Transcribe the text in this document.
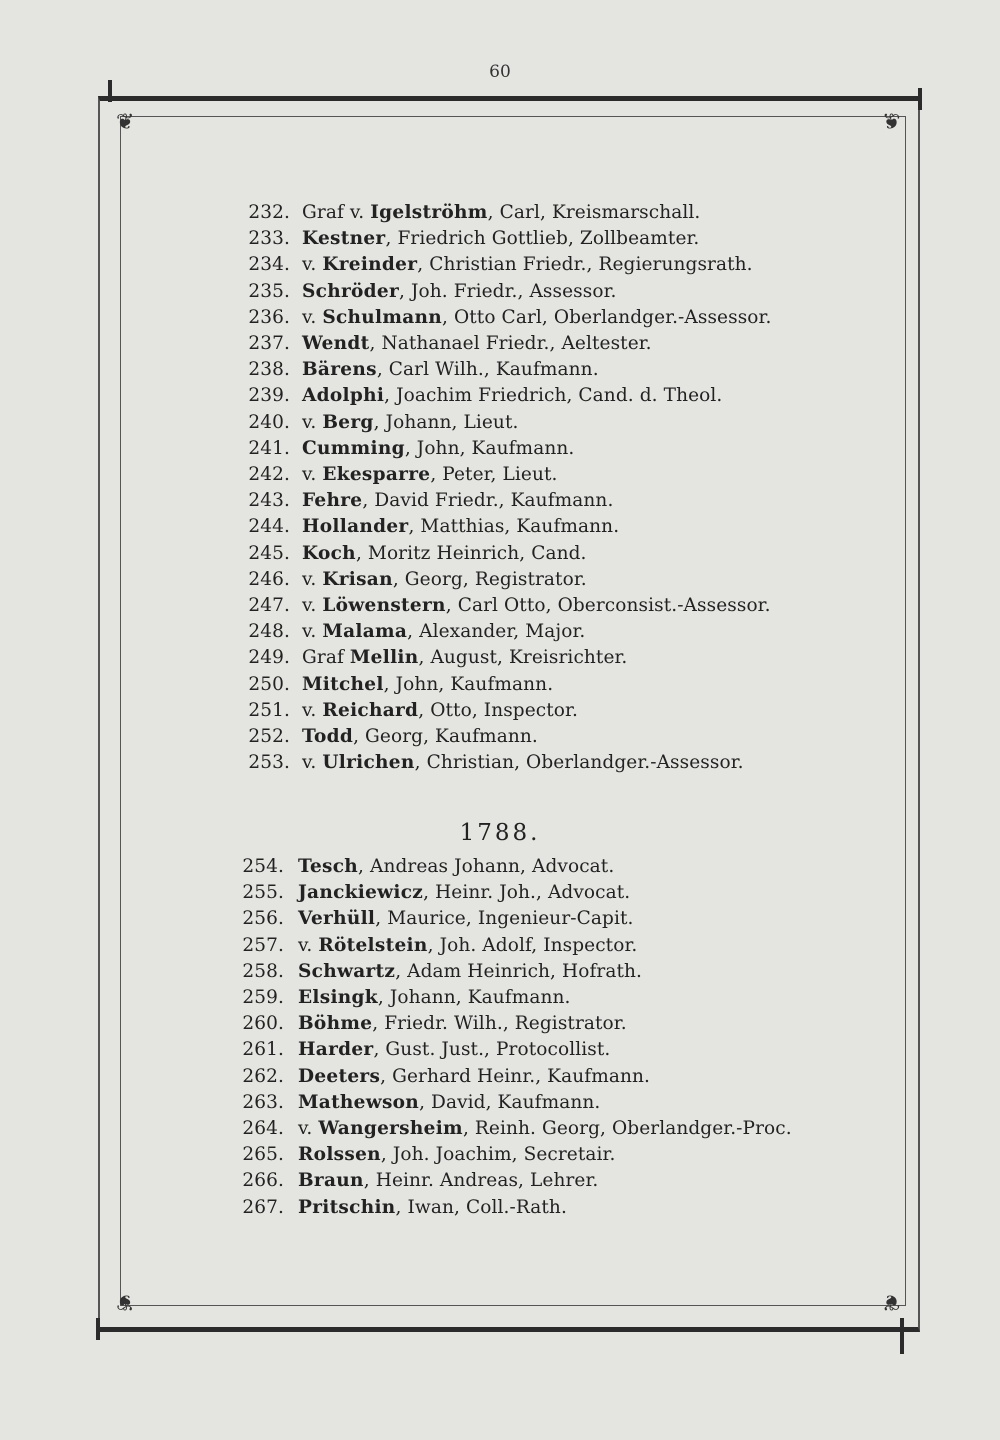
60
❦	❦
❦	❦
1788.
232. Graf v. Igelströhm, Carl, Kreismarschall.
233. Kestner, Friedrich Gottlieb, Zollbeamter.
234. v. Kreinder, Christian Friedr., Regierungsrath.
235. Schröder, Joh. Friedr., Assessor.
236. v. Schulmann, Otto Carl, Oberlandger.-Assessor.
237. Wendt, Nathanael Friedr., Aeltester.
238. Bärens, Carl Wilh., Kaufmann.
239. Adolphi, Joachim Friedrich, Cand. d. Theol.
240. v. Berg, Johann, Lieut.
241. Cumming, John, Kaufmann.
242. v. Ekesparre, Peter, Lieut.
243. Fehre, David Friedr., Kaufmann.
244. Hollander, Matthias, Kaufmann.
245. Koch, Moritz Heinrich, Cand.
246. v. Krisan, Georg, Registrator.
247. v. Löwenstern, Carl Otto, Oberconsist.-Assessor.
248. v. Malama, Alexander, Major.
249. Graf Mellin, August, Kreisrichter.
250. Mitchel, John, Kaufmann.
251. v. Reichard, Otto, Inspector.
252. Todd, Georg, Kaufmann.
253. v. Ulrichen, Christian, Oberlandger.-Assessor.
254. Tesch, Andreas Johann, Advocat.
255. Janckiewicz, Heinr. Joh., Advocat.
256. Verhüll, Maurice, Ingenieur-Capit.
257. v. Rötelstein, Joh. Adolf, Inspector.
258. Schwartz, Adam Heinrich, Hofrath.
259. Elsingk, Johann, Kaufmann.
260. Böhme, Friedr. Wilh., Registrator.
261. Harder, Gust. Just., Protocollist.
262. Deeters, Gerhard Heinr., Kaufmann.
263. Mathewson, David, Kaufmann.
264. v. Wangersheim, Reinh. Georg, Oberlandger.-Proc.
265. Rolssen, Joh. Joachim, Secretair.
266. Braun, Heinr. Andreas, Lehrer.
267. Pritschin, Iwan, Coll.-Rath.
